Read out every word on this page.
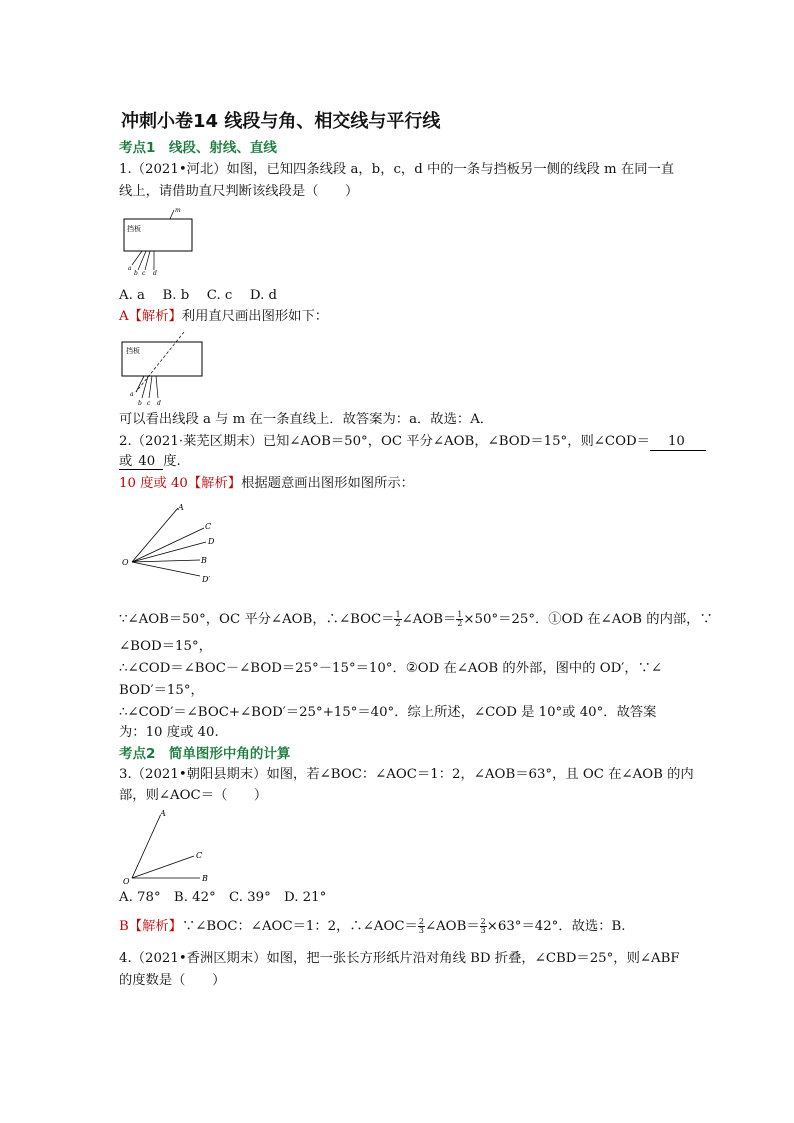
冲刺小卷14 线段与角、相交线与平行线
考点1　线段、射线、直线
1.（2021•河北）如图，已知四条线段 a，b，c，d 中的一条与挡板另一侧的线段 m 在同一直
线上，请借助直尺判断该线段是（　　）
挡板
m
a
b c d
A. a　 B. b　 C. c　 D. d
A【解析】利用直尺画出图形如下：
挡板
a
b c d
可以看出线段 a 与 m 在一条直线上．故答案为：a．故选：A．
2.（2021·莱芜区期末）已知∠AOB＝50°，OC 平分∠AOB，∠BOD＝15°，则∠COD＝ 10
或 40 度.
10 度或 40【解析】根据题意画出图形如图所示：
A
C
D
B
D′
O
∵∠AOB＝50°，OC 平分∠AOB，∴∠BOC＝ $\frac{1}{2}$ ∠AOB＝ $\frac{1}{2} \times 50^\circ=25^\circ$．①OD 在∠AOB 的内部，∵
∠BOD＝15°，
∴∠COD＝∠BOC－∠BOD＝25°－15°＝10°．②OD 在∠AOB 的外部，图中的 OD′，∵∠
BOD′＝15°，
∴∠COD′＝∠BOC+∠BOD′＝25°+15°＝40°．综上所述，∠COD 是 10°或 40°．故答案
为：10 度或 40.
考点2　简单图形中角的计算
3.（2021•朝阳县期末）如图，若∠BOC：∠AOC＝1：2，∠AOB＝63°，且 OC 在∠AOB 的内
部，则∠AOC＝（　　）
A
C
B
O
A. 78°　B. 42°　C. 39°　D. 21°
B【解析】∵∠BOC：∠AOC＝1：2，∴∠AOC＝ $\frac{2}{3}$ ∠AOB＝ $\frac{2}{3} \times 63^\circ=42^\circ$．故选：B.
4.（2021•香洲区期末）如图，把一张长方形纸片沿对角线 BD 折叠，∠CBD＝25°，则∠ABF
的度数是（　　）
